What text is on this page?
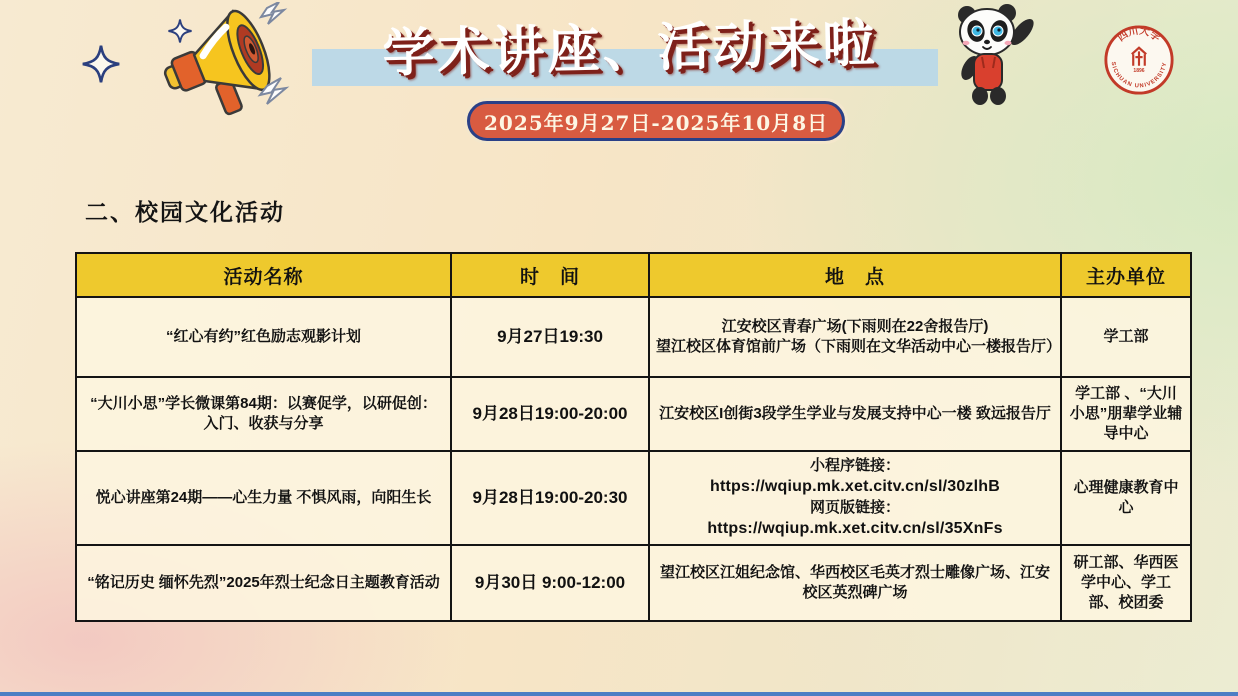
学术讲座、活动来啦
2025年9月27日-2025年10月8日
四川大学
SICHUAN UNIVERSITY
1896
二、校园文化活动
活动名称	时　间	地　点	主办单位
“红心有约”红色励志观影计划	9月27日19:30	江安校区青春广场(下雨则在22舍报告厅)
望江校区体育馆前广场（下雨则在文华活动中心一楼报告厅）	学工部
“大川小思”学长微课第84期：以赛促学，以研促创：入门、收获与分享	9月28日19:00-20:00	江安校区I创街3段学生学业与发展支持中心一楼 致远报告厅	学工部 、“大川小思”朋辈学业辅导中心
悦心讲座第24期——心生力量 不惧风雨，向阳生长	9月28日19:00-20:30	小程序链接：
https://wqiup.mk.xet.citv.cn/sl/30zlhB
网页版链接：
https://wqiup.mk.xet.citv.cn/sl/35XnFs	心理健康教育中心
“铭记历史 缅怀先烈”2025年烈士纪念日主题教育活动	9月30日 9:00-12:00	望江校区江姐纪念馆、华西校区毛英才烈士雕像广场、江安校区英烈碑广场	研工部、华西医学中心、学工部、校团委
